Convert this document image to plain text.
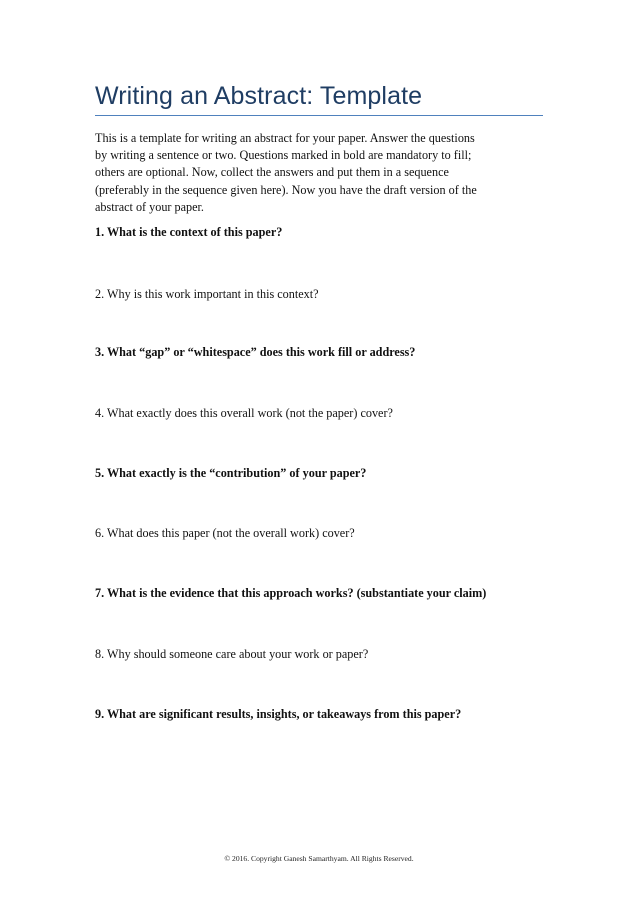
Writing an Abstract: Template
This is a template for writing an abstract for your paper. Answer the questions
by writing a sentence or two. Questions marked in bold are mandatory to fill;
others are optional. Now, collect the answers and put them in a sequence
(preferably in the sequence given here). Now you have the draft version of the
abstract of your paper.
1. What is the context of this paper?
2. Why is this work important in this context?
3. What “gap” or “whitespace” does this work fill or address?
4. What exactly does this overall work (not the paper) cover?
5. What exactly is the “contribution” of your paper?
6. What does this paper (not the overall work) cover?
7. What is the evidence that this approach works? (substantiate your claim)
8. Why should someone care about your work or paper?
9. What are significant results, insights, or takeaways from this paper?
© 2016. Copyright Ganesh Samarthyam. All Rights Reserved.
